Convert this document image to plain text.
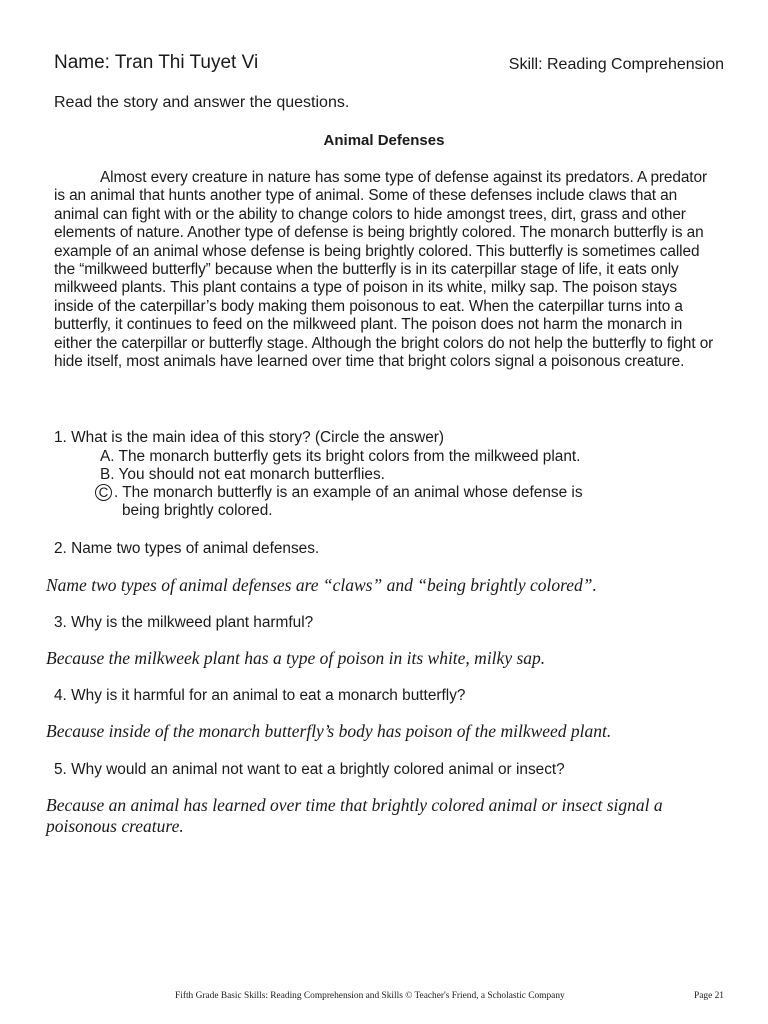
Name: Tran Thi Tuyet Vi	Skill: Reading Comprehension
Read the story and answer the questions.
Animal Defenses
Almost every creature in nature has some type of defense against its predators. A predator is an animal that hunts another type of animal. Some of these defenses include claws that an animal can fight with or the ability to change colors to hide amongst trees, dirt, grass and other elements of nature. Another type of defense is being brightly colored. The monarch butterfly is an example of an animal whose defense is being brightly colored. This butterfly is sometimes called the “milkweed butterfly” because when the butterfly is in its caterpillar stage of life, it eats only milkweed plants. This plant contains a type of poison in its white, milky sap. The poison stays inside of the caterpillar’s body making them poisonous to eat. When the caterpillar turns into a butterfly, it continues to feed on the milkweed plant. The poison does not harm the monarch in either the caterpillar or butterfly stage. Although the bright colors do not help the butterfly to fight or hide itself, most animals have learned over time that bright colors signal a poisonous creature.
1. What is the main idea of this story? (Circle the answer)
A. The monarch butterfly gets its bright colors from the milkweed plant.
B. You should not eat monarch butterflies.
C . The monarch butterfly is an example of an animal whose defense is
being brightly colored.
2. Name two types of animal defenses.
Name two types of animal defenses are “claws” and “being brightly colored”.
3. Why is the milkweed plant harmful?
Because the milkweek plant has a type of poison in its white, milky sap.
4. Why is it harmful for an animal to eat a monarch butterfly?
Because inside of the monarch butterfly’s body has poison of the milkweed plant.
5. Why would an animal not want to eat a brightly colored animal or insect?
Because an animal has learned over time that brightly colored animal or insect signal a poisonous creature.
Fifth Grade Basic Skills: Reading Comprehension and Skills © Teacher's Friend, a Scholastic Company	Page 21
